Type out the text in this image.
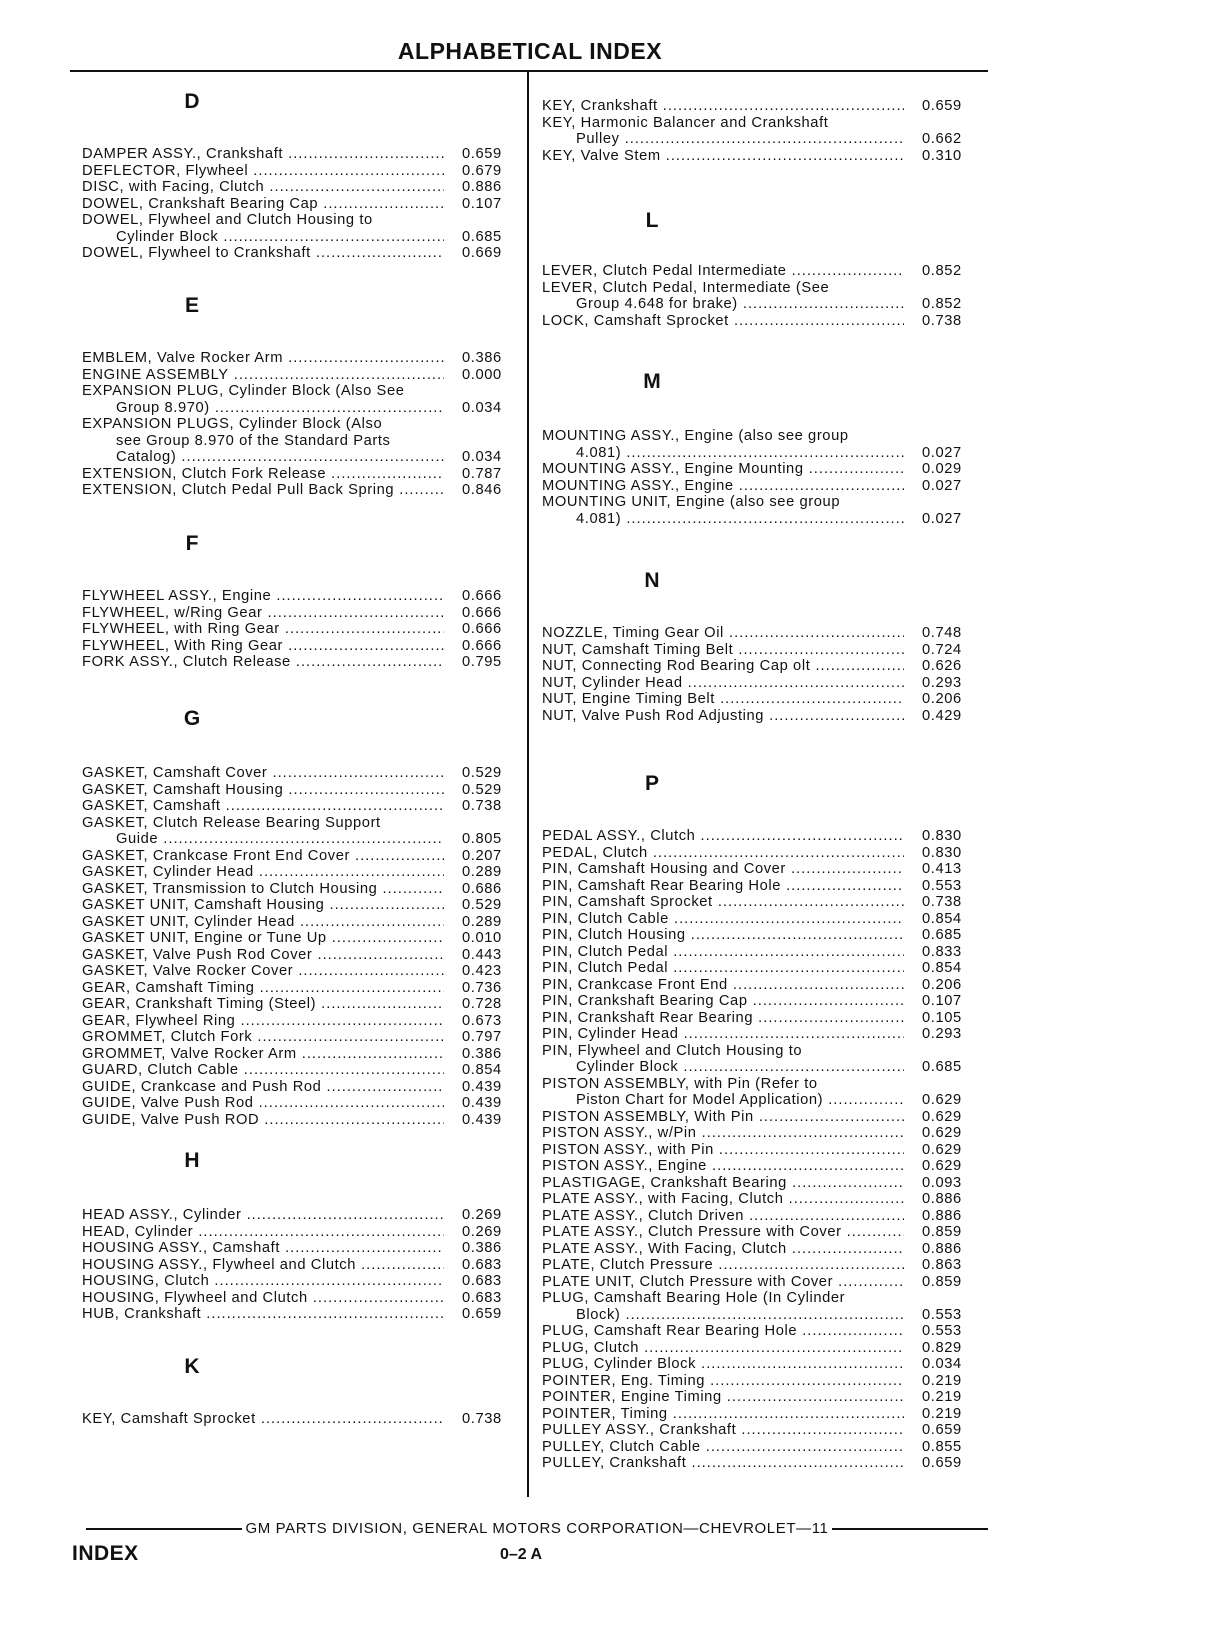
ALPHABETICAL INDEX
D
DAMPER ASSY., Crankshaft .....	0.659
DEFLECTOR, Flywheel .....	0.679
DISC, with Facing, Clutch .....	0.886
DOWEL, Crankshaft Bearing Cap .....	0.107
DOWEL, Flywheel and Clutch Housing to
Cylinder Block .....	0.685
DOWEL, Flywheel to Crankshaft .....	0.669
E
EMBLEM, Valve Rocker Arm .....	0.386
ENGINE ASSEMBLY .....	0.000
EXPANSION PLUG, Cylinder Block (Also See
Group 8.970) .....	0.034
EXPANSION PLUGS, Cylinder Block (Also
see Group 8.970 of the Standard Parts
Catalog) .....	0.034
EXTENSION, Clutch Fork Release .....	0.787
EXTENSION, Clutch Pedal Pull Back Spring .....	0.846
F
FLYWHEEL ASSY., Engine .....	0.666
FLYWHEEL, w/Ring Gear .....	0.666
FLYWHEEL, with Ring Gear .....	0.666
FLYWHEEL, With Ring Gear .....	0.666
FORK ASSY., Clutch Release .....	0.795
G
GASKET, Camshaft Cover .....	0.529
GASKET, Camshaft Housing .....	0.529
GASKET, Camshaft .....	0.738
GASKET, Clutch Release Bearing Support
Guide .....	0.805
GASKET, Crankcase Front End Cover .....	0.207
GASKET, Cylinder Head .....	0.289
GASKET, Transmission to Clutch Housing .....	0.686
GASKET UNIT, Camshaft Housing .....	0.529
GASKET UNIT, Cylinder Head .....	0.289
GASKET UNIT, Engine or Tune Up .....	0.010
GASKET, Valve Push Rod Cover .....	0.443
GASKET, Valve Rocker Cover .....	0.423
GEAR, Camshaft Timing .....	0.736
GEAR, Crankshaft Timing (Steel) .....	0.728
GEAR, Flywheel Ring .....	0.673
GROMMET, Clutch Fork .....	0.797
GROMMET, Valve Rocker Arm .....	0.386
GUARD, Clutch Cable .....	0.854
GUIDE, Crankcase and Push Rod .....	0.439
GUIDE, Valve Push Rod .....	0.439
GUIDE, Valve Push ROD .....	0.439
H
HEAD ASSY., Cylinder .....	0.269
HEAD, Cylinder .....	0.269
HOUSING ASSY., Camshaft .....	0.386
HOUSING ASSY., Flywheel and Clutch .....	0.683
HOUSING, Clutch .....	0.683
HOUSING, Flywheel and Clutch .....	0.683
HUB, Crankshaft .....	0.659
K
KEY, Camshaft Sprocket .....	0.738
KEY, Crankshaft .....	0.659
KEY, Harmonic Balancer and Crankshaft
Pulley .....	0.662
KEY, Valve Stem .....	0.310
L
LEVER, Clutch Pedal Intermediate .....	0.852
LEVER, Clutch Pedal, Intermediate (See
Group 4.648 for brake) .....	0.852
LOCK, Camshaft Sprocket .....	0.738
M
MOUNTING ASSY., Engine (also see group
4.081) .....	0.027
MOUNTING ASSY., Engine Mounting .....	0.029
MOUNTING ASSY., Engine .....	0.027
MOUNTING UNIT, Engine (also see group
4.081) .....	0.027
N
NOZZLE, Timing Gear Oil .....	0.748
NUT, Camshaft Timing Belt .....	0.724
NUT, Connecting Rod Bearing Cap olt .....	0.626
NUT, Cylinder Head .....	0.293
NUT, Engine Timing Belt .....	0.206
NUT, Valve Push Rod Adjusting .....	0.429
P
PEDAL ASSY., Clutch .....	0.830
PEDAL, Clutch .....	0.830
PIN, Camshaft Housing and Cover .....	0.413
PIN, Camshaft Rear Bearing Hole .....	0.553
PIN, Camshaft Sprocket .....	0.738
PIN, Clutch Cable .....	0.854
PIN, Clutch Housing .....	0.685
PIN, Clutch Pedal .....	0.833
PIN, Clutch Pedal .....	0.854
PIN, Crankcase Front End .....	0.206
PIN, Crankshaft Bearing Cap .....	0.107
PIN, Crankshaft Rear Bearing .....	0.105
PIN, Cylinder Head .....	0.293
PIN, Flywheel and Clutch Housing to
Cylinder Block .....	0.685
PISTON ASSEMBLY, with Pin (Refer to
Piston Chart for Model Application) .....	0.629
PISTON ASSEMBLY, With Pin .....	0.629
PISTON ASSY., w/Pin .....	0.629
PISTON ASSY., with Pin .....	0.629
PISTON ASSY., Engine .....	0.629
PLASTIGAGE, Crankshaft Bearing .....	0.093
PLATE ASSY., with Facing, Clutch .....	0.886
PLATE ASSY., Clutch Driven .....	0.886
PLATE ASSY., Clutch Pressure with Cover .....	0.859
PLATE ASSY., With Facing, Clutch .....	0.886
PLATE, Clutch Pressure .....	0.863
PLATE UNIT, Clutch Pressure with Cover .....	0.859
PLUG, Camshaft Bearing Hole (In Cylinder
Block) .....	0.553
PLUG, Camshaft Rear Bearing Hole .....	0.553
PLUG, Clutch .....	0.829
PLUG, Cylinder Block .....	0.034
POINTER, Eng. Timing .....	0.219
POINTER, Engine Timing .....	0.219
POINTER, Timing .....	0.219
PULLEY ASSY., Crankshaft .....	0.659
PULLEY, Clutch Cable .....	0.855
PULLEY, Crankshaft .....	0.659
GM PARTS DIVISION, GENERAL MOTORS CORPORATION—CHEVROLET—11
INDEX	0–2 A
